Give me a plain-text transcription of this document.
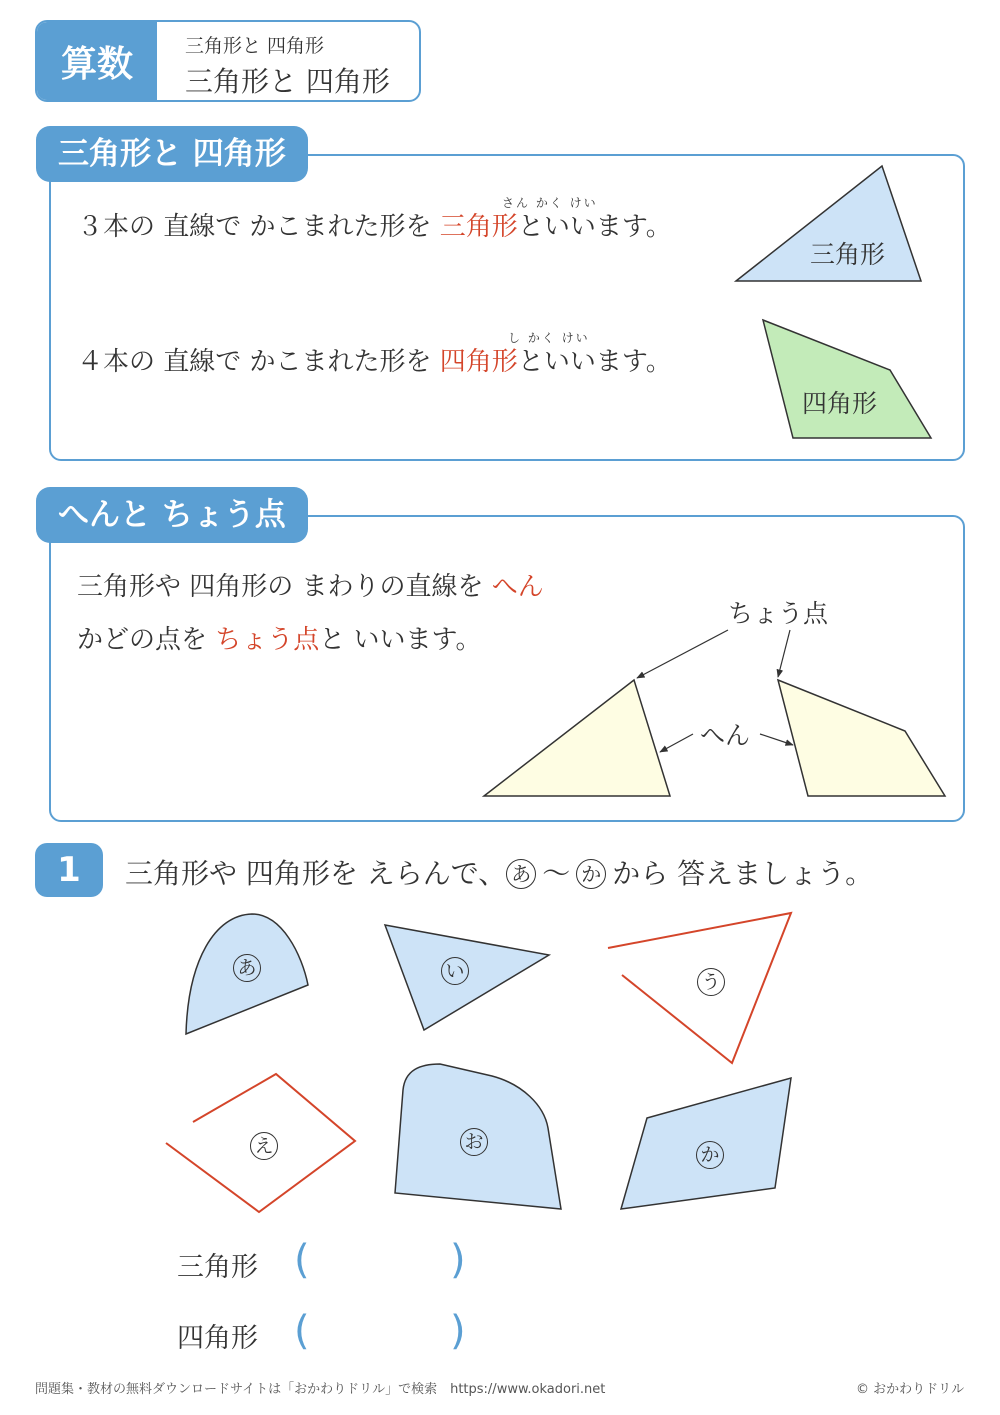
算数	三角形と 四角形
三角形と 四角形
三角形と 四角形
さん かく けい
３本の 直線で かこまれた形を 三角形といいます。
し かく けい
４本の 直線で かこまれた形を 四角形といいます。
三角形
四角形
へんと ちょう点
三角形や 四角形の まわりの直線を へん
かどの点を ちょう点と いいます。
ちょう点
へん
1	三角形や 四角形を えらんで、 あ 〜 か から 答えましょう。
あ	い	う
え	お
か
三角形 (	)
四角形 (	)
問題集・教材の無料ダウンロードサイトは「おかわりドリル」で検索　https://www.okadori.net	© おかわりドリル
